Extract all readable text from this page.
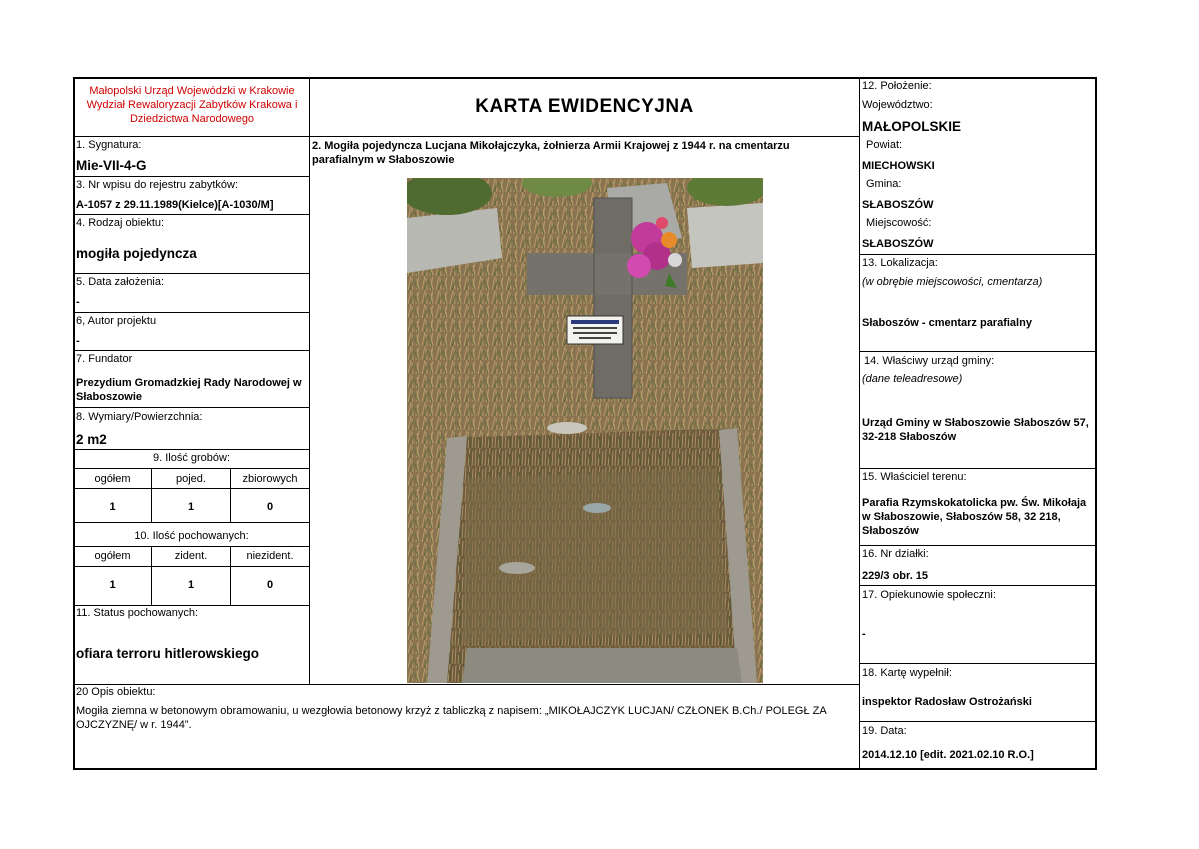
Małopolski Urząd Wojewódzki w Krakowie
Wydział Rewaloryzacji Zabytków Krakowa i
Dziedzictwa Narodowego
KARTA EWIDENCYJNA
1. Sygnatura:
Mie-VII-4-G
3. Nr wpisu do rejestru zabytków:
A-1057 z 29.11.1989(Kielce)[A-1030/M]
4. Rodzaj obiektu:
mogiła pojedyncza
5. Data założenia:
-
6, Autor projektu
-
7. Fundator
Prezydium Gromadzkiej Rady Narodowej w Słaboszowie
8. Wymiary/Powierzchnia:
2 m2
9. Ilość grobów:
ogółem	pojed.	zbiorowych
1	1	0
10. Ilość pochowanych:
ogółem	zident.	niezident.
1	1	0
11. Status pochowanych:
ofiara terroru hitlerowskiego
2. Mogiła pojedyncza Lucjana Mikołajczyka, żołnierza Armii Krajowej z 1944 r. na cmentarzu parafialnym w Słaboszowie
12. Położenie:
Województwo:
MAŁOPOLSKIE
Powiat:
MIECHOWSKI
Gmina:
SŁABOSZÓW
Miejscowość:
SŁABOSZÓW
13. Lokalizacja:
(w obrębie miejscowości, cmentarza)
Słaboszów - cmentarz parafialny
14. Właściwy urząd gminy:
(dane teleadresowe)
Urząd Gminy w Słaboszowie Słaboszów 57, 32-218 Słaboszów
15. Właściciel terenu:
Parafia Rzymskokatolicka pw. Św. Mikołaja w Słaboszowie, Słaboszów 58, 32 218, Słaboszów
16. Nr działki:
229/3 obr. 15
17. Opiekunowie społeczni:
-
18. Kartę wypełnił:
inspektor Radosław Ostrożański
19. Data:
2014.12.10 [edit. 2021.02.10 R.O.]
20 Opis obiektu:
Mogiła ziemna w betonowym obramowaniu, u wezgłowia betonowy krzyż z tabliczką z napisem: „MIKOŁAJCZYK LUCJAN/ CZŁONEK B.Ch./ POLEGŁ ZA OJCZYZNĘ/ w r. 1944”.
